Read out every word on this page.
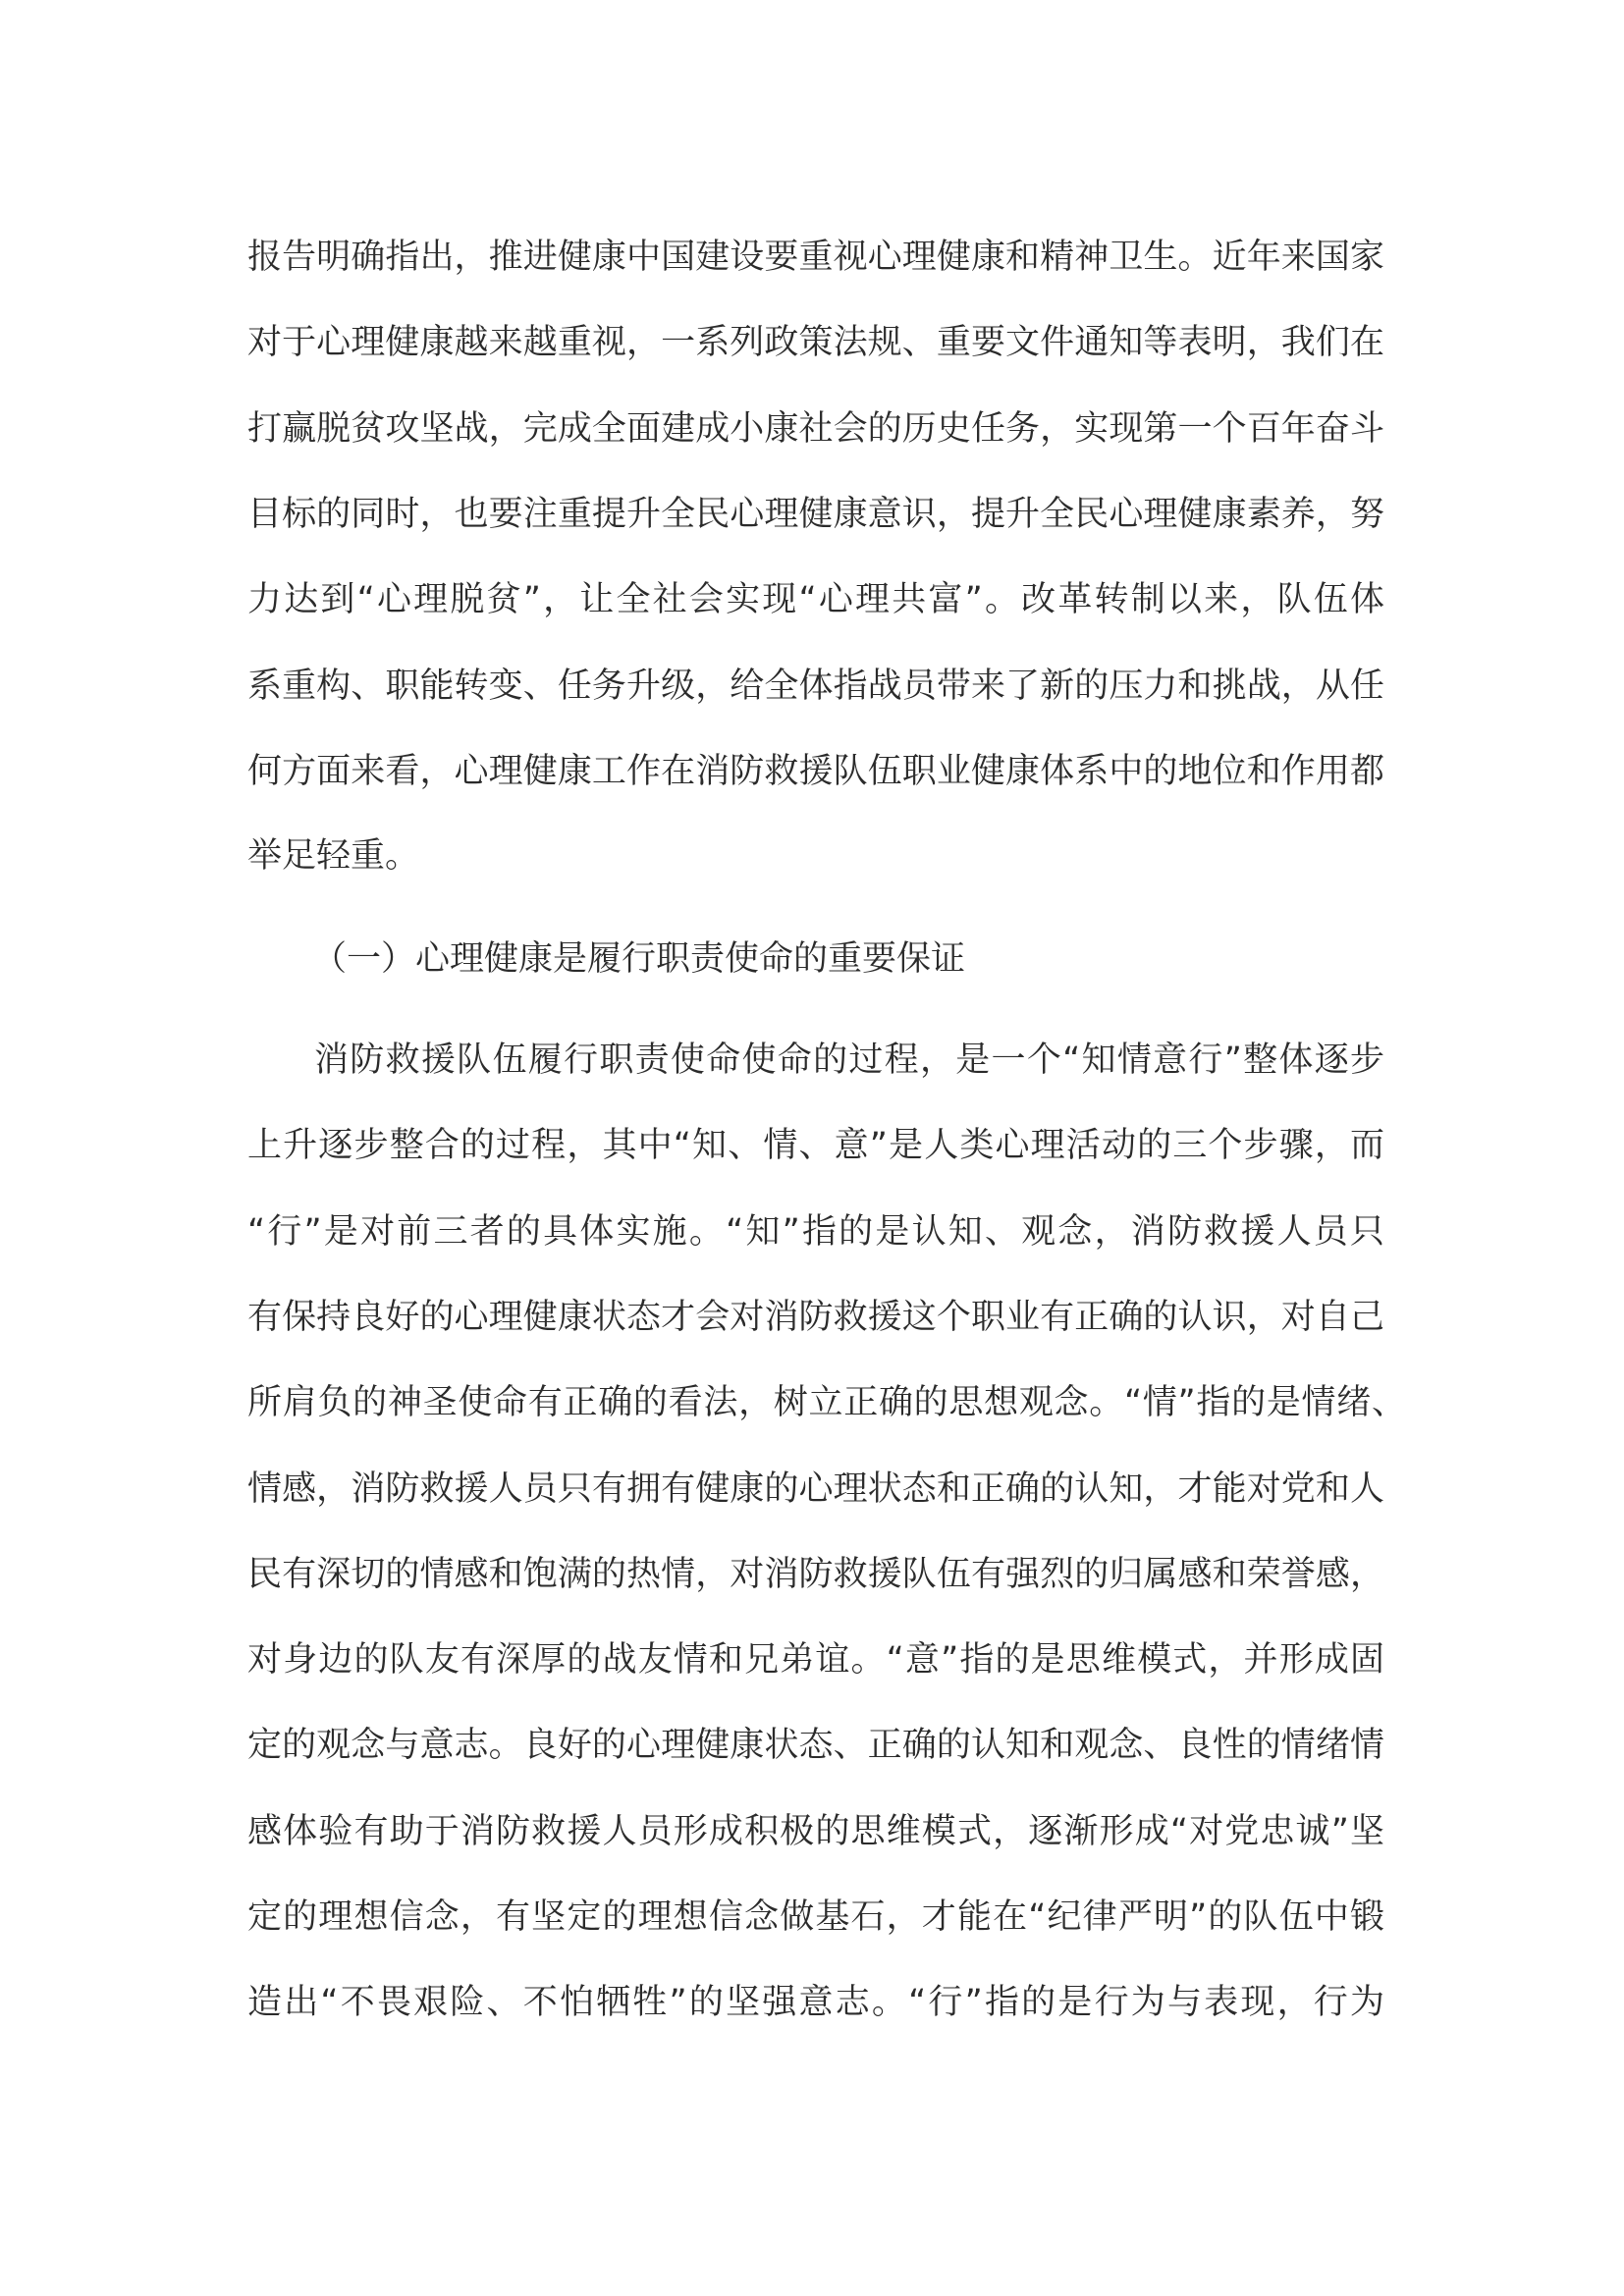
报告明确指出，推进健康中国建设要重视心理健康和精神卫生。近年来国家
对于心理健康越来越重视，一系列政策法规、重要文件通知等表明，我们在
打赢脱贫攻坚战，完成全面建成小康社会的历史任务，实现第一个百年奋斗
目标的同时，也要注重提升全民心理健康意识，提升全民心理健康素养，努
力达到“心理脱贫”，让全社会实现“心理共富”。改革转制以来，队伍体
系重构、职能转变、任务升级，给全体指战员带来了新的压力和挑战，从任
何方面来看，心理健康工作在消防救援队伍职业健康体系中的地位和作用都
举足轻重。
（一）心理健康是履行职责使命的重要保证
消防救援队伍履行职责使命使命的过程，是一个“知情意行”整体逐步
上升逐步整合的过程，其中“知、情、意”是人类心理活动的三个步骤，而
“行”是对前三者的具体实施。“知”指的是认知、观念，消防救援人员只
有保持良好的心理健康状态才会对消防救援这个职业有正确的认识，对自己
所肩负的神圣使命有正确的看法，树立正确的思想观念。“情”指的是情绪、
情感，消防救援人员只有拥有健康的心理状态和正确的认知，才能对党和人
民有深切的情感和饱满的热情，对消防救援队伍有强烈的归属感和荣誉感，
对身边的队友有深厚的战友情和兄弟谊。“意”指的是思维模式，并形成固
定的观念与意志。良好的心理健康状态、正确的认知和观念、良性的情绪情
感体验有助于消防救援人员形成积极的思维模式，逐渐形成“对党忠诚”坚
定的理想信念，有坚定的理想信念做基石，才能在“纪律严明”的队伍中锻
造出“不畏艰险、不怕牺牲”的坚强意志。“行”指的是行为与表现，行为
